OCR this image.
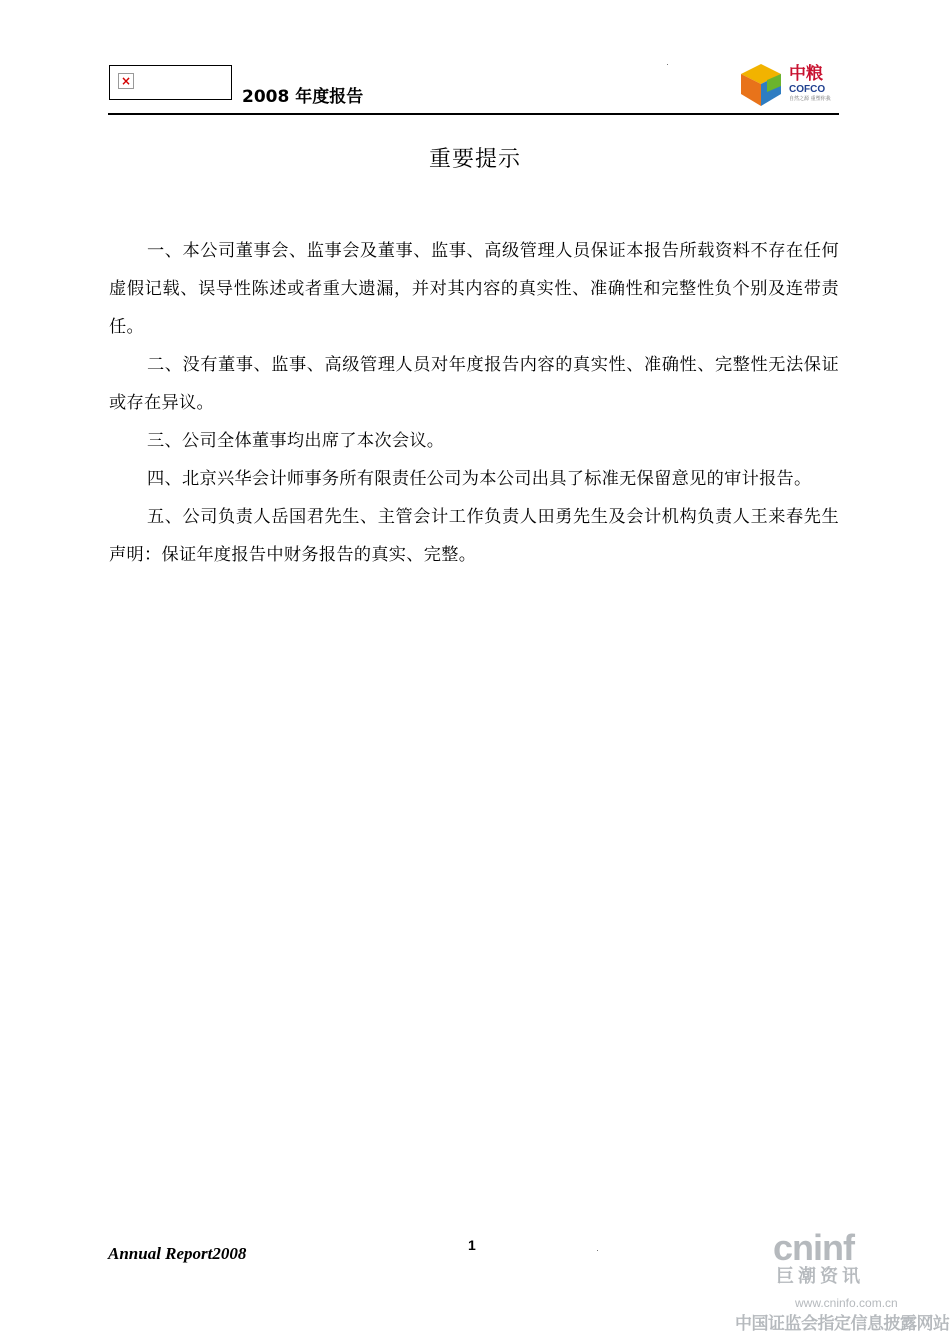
×
2008 年度报告
中粮
COFCO
自然之源 重塑你我
重要提示

一、本公司董事会、监事会及董事、监事、高级管理人员保证本报告所载资料不存在任何虚假记载、误导性陈述或者重大遗漏，并对其内容的真实性、准确性和完整性负个别及连带责任。

二、没有董事、监事、高级管理人员对年度报告内容的真实性、准确性、完整性无法保证或存在异议。

三、公司全体董事均出席了本次会议。

四、北京兴华会计师事务所有限责任公司为本公司出具了标准无保留意见的审计报告。

五、公司负责人岳国君先生、主管会计工作负责人田勇先生及会计机构负责人王来春先生声明：保证年度报告中财务报告的真实、完整。

Annual Report2008	1	cninf
巨潮资讯
www.cninfo.com.cn
中国证监会指定信息披露网站
